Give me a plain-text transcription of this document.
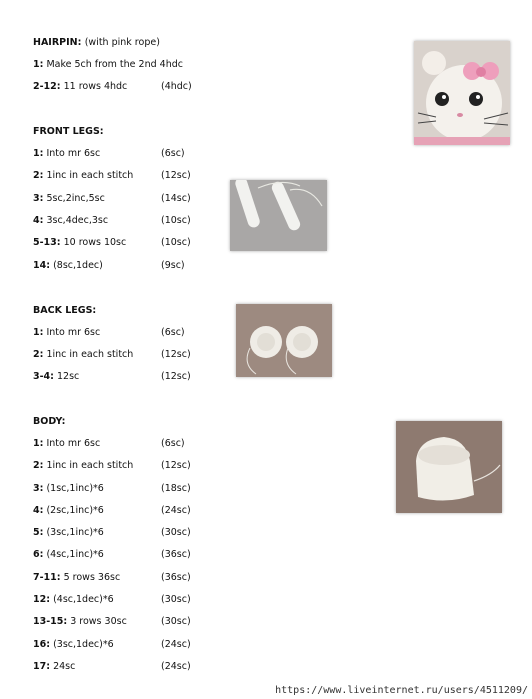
HAIRPIN: (with pink rope)
1: Make 5ch from the 2nd 4hdc
2-12: 11 rows 4hdc	(4hdc)
FRONT LEGS:
1: Into mr 6sc	(6sc)
2: 1inc in each stitch	(12sc)
3: 5sc,2inc,5sc	(14sc)
4: 3sc,4dec,3sc	(10sc)
5-13: 10 rows 10sc	(10sc)
14: (8sc,1dec)	(9sc)
BACK LEGS:
1: Into mr 6sc	(6sc)
2: 1inc in each stitch	(12sc)
3-4: 12sc	(12sc)
BODY:
1: Into mr 6sc	(6sc)
2: 1inc in each stitch	(12sc)
3: (1sc,1inc)*6	(18sc)
4: (2sc,1inc)*6	(24sc)
5: (3sc,1inc)*6	(30sc)
6: (4sc,1inc)*6	(36sc)
7-11: 5 rows 36sc	(36sc)
12: (4sc,1dec)*6	(30sc)
13-15: 3 rows 30sc	(30sc)
16: (3sc,1dec)*6	(24sc)
17: 24sc	(24sc)
https://www.liveinternet.ru/users/4511209/
